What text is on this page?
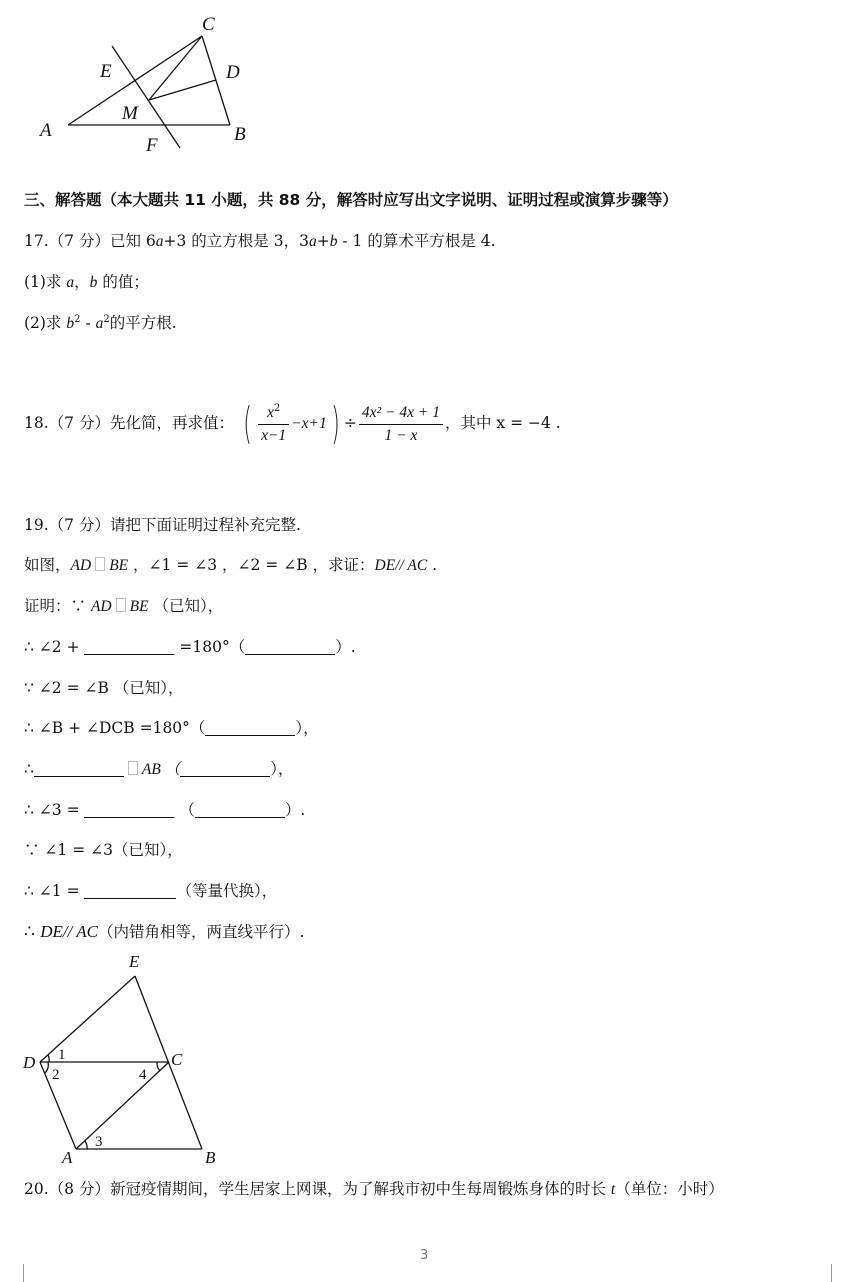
A	B
C
D
E
F
M
三、解答题（本大题共 11 小题，共 88 分，解答时应写出文字说明、证明过程或演算步骤等）
17.（7 分）已知 6a+3 的立方根是 3，3a+b - 1 的算术平方根是 4.
(1)求 a，b 的值；
(2)求 $b^2 - a^2$的平方根.
18.（7 分）先化简，再求值： ( $\frac{x^2}{x-1} -x+1) \div \frac{\text{4x² − 4x + 1}}{1 - x}$ ，其中 x = −4 .
19.（7 分）请把下面证明过程补充完整.
如图，AD BE ，∠1 = ∠3 ，∠2 = ∠B ，求证：DE// AC .
证明：∵ AD BE （已知），
∴ ∠2 +	=180°（	）.
∵ ∠2 = ∠B （已知），
∴ ∠B + ∠DCB =180°（	），
∴	AB （	），
∴ ∠3 =	（	）.
∵ ∠1 = ∠3（已知），
∴ ∠1 =	（等量代换），
∴ DE// AC（内错角相等，两直线平行）.
E
D	C
A	B
1
2
3
4
20.（8 分）新冠疫情期间，学生居家上网课，为了解我市初中生每周锻炼身体的时长 t（单位：小时）
3
